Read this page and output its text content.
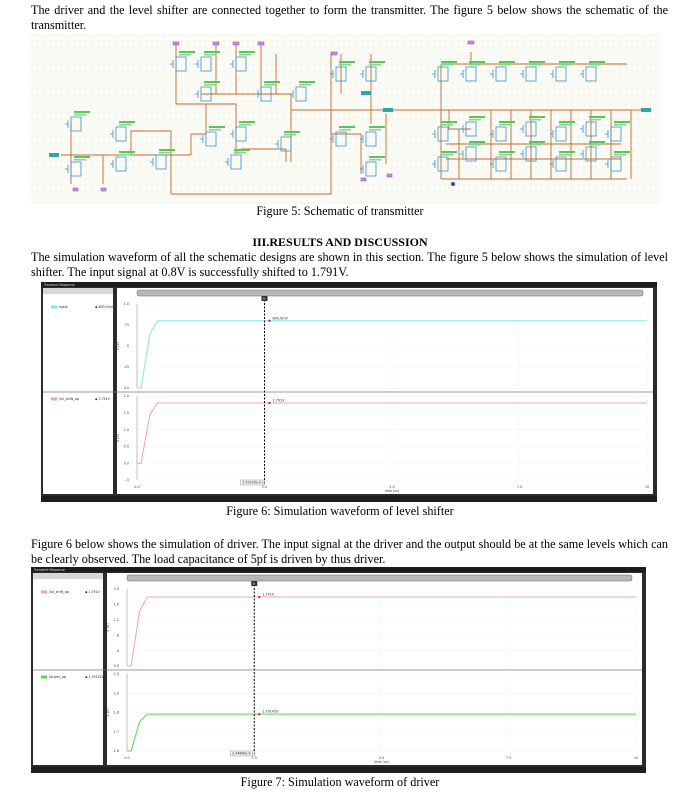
The driver and the level shifter are connected together to form the transmitter. The figure 5 below shows the schematic of the transmitter.
Figure 5: Schematic of transmitter
III.RESULTS AND DISCUSSION
The simulation waveform of all the schematic designs are shown in this section. The figure 5 below shows the simulation of level shifter. The input signal at 0.8V is successfully shifted to 1.791V.
Transient Response
1.0
.75
.5
.25
0.0
V (V)
input	◆ 800.0mV
800.0mV
2.0
1.5
1.0
0.5
0.0
-.5
V (V)
/lvl_shift_op	◆ 1.791V	1.791V
0.0	2.5	5.0	7.5	10
time (ns)
V
2.50100e-9 s
Figure 6: Simulation waveform of level shifter
Figure 6 below shows the simulation of driver. The input signal at the driver and the output should be at the same levels which can be clearly observed. The load capacitance of 5pf is driven by thus driver.
Transient Response
2.0
1.6
1.2
.8
.4
0.0
V (V)
/lvl_shift_op	◆ 1.791V
1.791V
2.0
1.9
1.8
1.7
1.6
V (V)
/driver_op	◆ 1.79142V
1.79142V
0.0	2.5	5.0	7.5	10
time (ns)
V
2.44890e-9 s
Figure 7: Simulation waveform of driver
